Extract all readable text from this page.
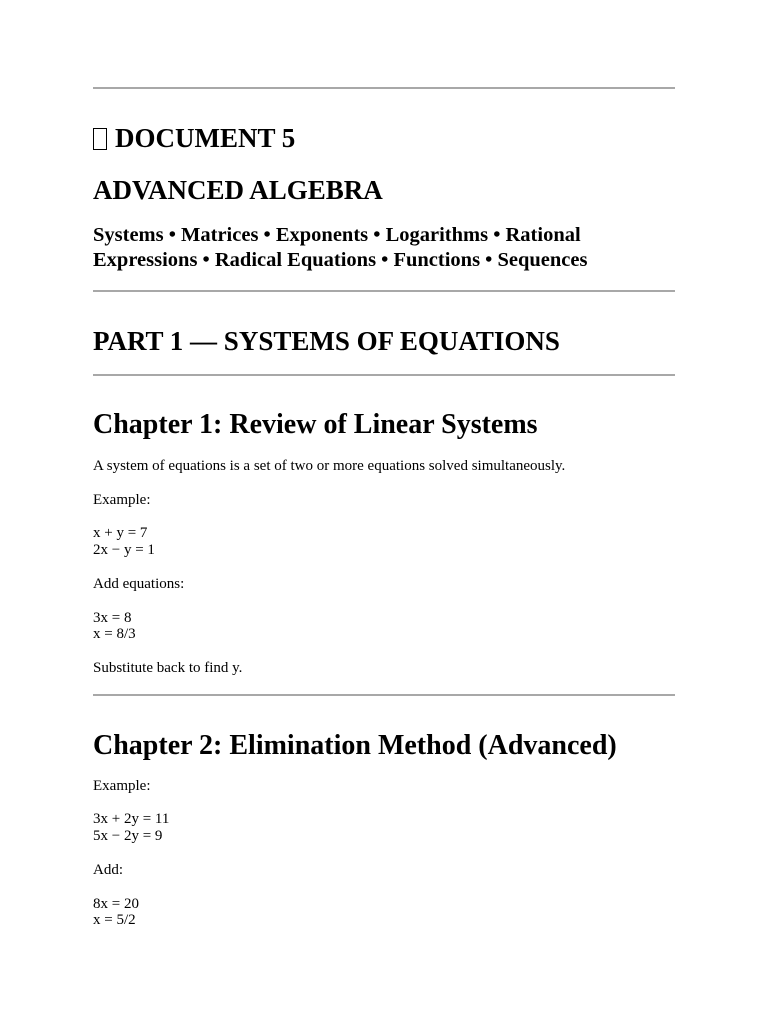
DOCUMENT 5
ADVANCED ALGEBRA

Systems • Matrices • Exponents • Logarithms • Rational Expressions • Radical Equations • Functions • Sequences

PART 1 — SYSTEMS OF EQUATIONS
Chapter 1: Review of Linear Systems

A system of equations is a set of two or more equations solved simultaneously.

Example:

x + y = 7

2x − y = 1

Add equations:

3x = 8

x = 8/3

Substitute back to find y.

Chapter 2: Elimination Method (Advanced)

Example:

3x + 2y = 11

5x − 2y = 9

Add:

8x = 20

x = 5/2
